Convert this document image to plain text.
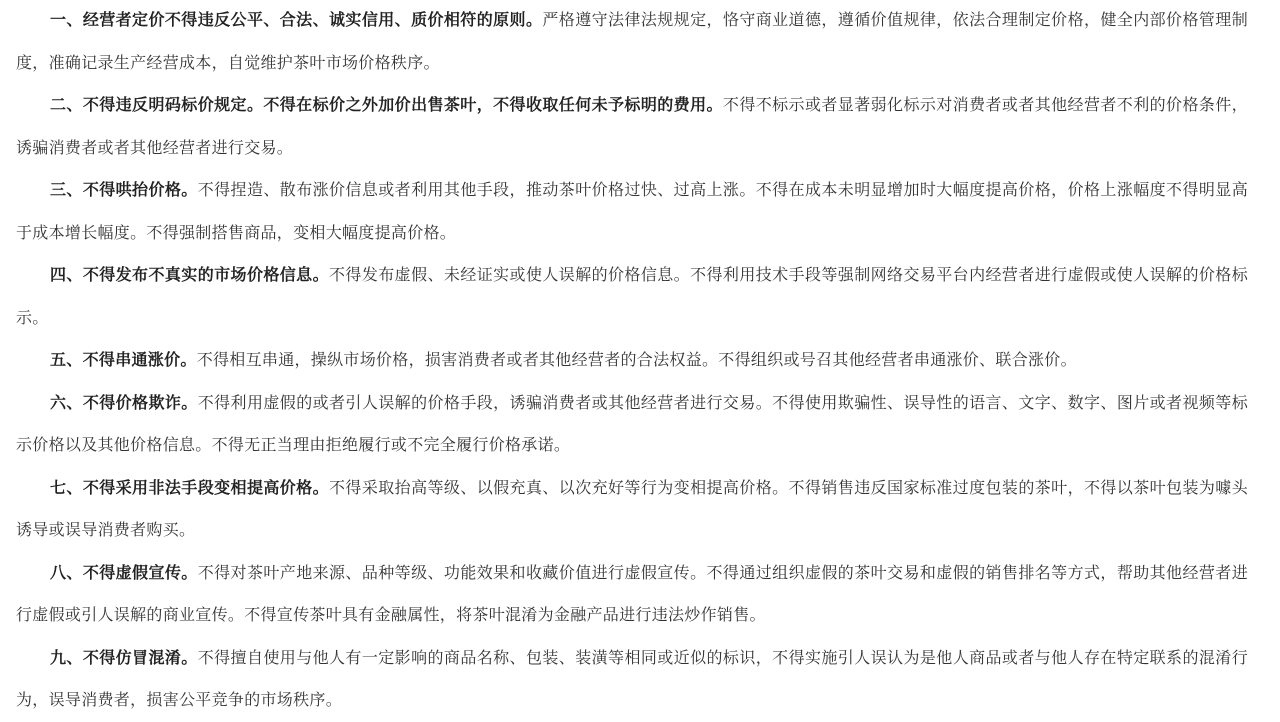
一、经营者定价不得违反公平、合法、诚实信用、质价相符的原则。严格遵守法律法规规定，恪守商业道德，遵循价值规律，依法合理制定价格，健全内部价格管理制度，准确记录生产经营成本，自觉维护茶叶市场价格秩序。

二、不得违反明码标价规定。不得在标价之外加价出售茶叶，不得收取任何未予标明的费用。不得不标示或者显著弱化标示对消费者或者其他经营者不利的价格条件，诱骗消费者或者其他经营者进行交易。

三、不得哄抬价格。不得捏造、散布涨价信息或者利用其他手段，推动茶叶价格过快、过高上涨。不得在成本未明显增加时大幅度提高价格，价格上涨幅度不得明显高于成本增长幅度。不得强制搭售商品，变相大幅度提高价格。

四、不得发布不真实的市场价格信息。不得发布虚假、未经证实或使人误解的价格信息。不得利用技术手段等强制网络交易平台内经营者进行虚假或使人误解的价格标示。

五、不得串通涨价。不得相互串通，操纵市场价格，损害消费者或者其他经营者的合法权益。不得组织或号召其他经营者串通涨价、联合涨价。

六、不得价格欺诈。不得利用虚假的或者引人误解的价格手段，诱骗消费者或其他经营者进行交易。不得使用欺骗性、误导性的语言、文字、数字、图片或者视频等标示价格以及其他价格信息。不得无正当理由拒绝履行或不完全履行价格承诺。

七、不得采用非法手段变相提高价格。不得采取抬高等级、以假充真、以次充好等行为变相提高价格。不得销售违反国家标准过度包装的茶叶，不得以茶叶包装为噱头诱导或误导消费者购买。

八、不得虚假宣传。不得对茶叶产地来源、品种等级、功能效果和收藏价值进行虚假宣传。不得通过组织虚假的茶叶交易和虚假的销售排名等方式，帮助其他经营者进行虚假或引人误解的商业宣传。不得宣传茶叶具有金融属性，将茶叶混淆为金融产品进行违法炒作销售。

九、不得仿冒混淆。不得擅自使用与他人有一定影响的商品名称、包装、装潢等相同或近似的标识，不得实施引人误认为是他人商品或者与他人存在特定联系的混淆行为，误导消费者，损害公平竞争的市场秩序。
